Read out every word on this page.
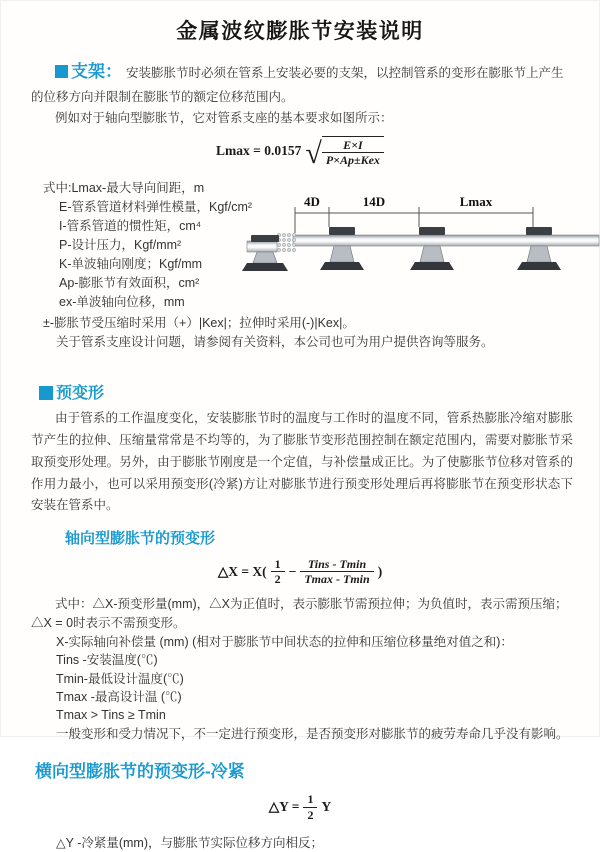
金属波纹膨胀节安装说明

支架： 安装膨胀节时必须在管系上安装必要的支架，以控制管系的变形在膨胀节上产生的位移方向并限制在膨胀节的额定位移范围内。

例如对于轴向型膨胀节，它对管系支座的基本要求如图所示：

Lmax = 0.0157 √ $\frac{E\times I}{\text{P×Ap±Kex}}$
式中:Lmax-最大导向间距，m
E-管系管道材料弹性模量，Kgf/cm²
I-管系管道的惯性矩，cm⁴
P-设计压力，Kgf/mm²
K-单波轴向刚度；Kgf/mm
Ap-膨胀节有效面积，cm²
ex-单波轴向位移，mm
±-膨胀节受压缩时采用（+）|Kex|；拉伸时采用(-)|Kex|。
关于管系支座设计问题，请参阅有关资料，本公司也可为用户提供咨询等服务。
4D	14D	Lmax
预变形

由于管系的工作温度变化，安装膨胀节时的温度与工作时的温度不同，管系热膨胀冷缩对膨胀节产生的拉伸、压缩量常常是不均等的，为了膨胀节变形范围控制在额定范围内，需要对膨胀节采取预变形处理。另外，由于膨胀节刚度是一个定值，与补偿量成正比。为了使膨胀节位移对管系的作用力最小，也可以采用预变形(冷紧)方让对膨胀节进行预变形处理后再将膨胀节在预变形状态下安装在管系中。

轴向型膨胀节的预变形
△X = $X( \frac{1}{2} - \frac{\text{Tins - Tmin}}{Tmax - Tmin}$ )

式中：△X-预变形量(mm)，△X为正值时，表示膨胀节需预拉伸；为负值时，表示需预压缩；△X = 0时表示不需预变形。

X-实际轴向补偿量 (mm) (相对于膨胀节中间状态的拉伸和压缩位移量绝对值之和)：
Tins -安装温度(℃)
Tmin-最低设计温度(℃)
Tmax -最高设计温 (℃)
Tmax > Tins ≥ Tmin
一般变形和受力情况下，不一定进行预变形，是否预变形对膨胀节的疲劳寿命几乎没有影响。
横向型膨胀节的预变形-冷紧
△Y = $\frac{1}{2}$ Y
△Y -冷紧量(mm)，与膨胀节实际位移方向相反；
